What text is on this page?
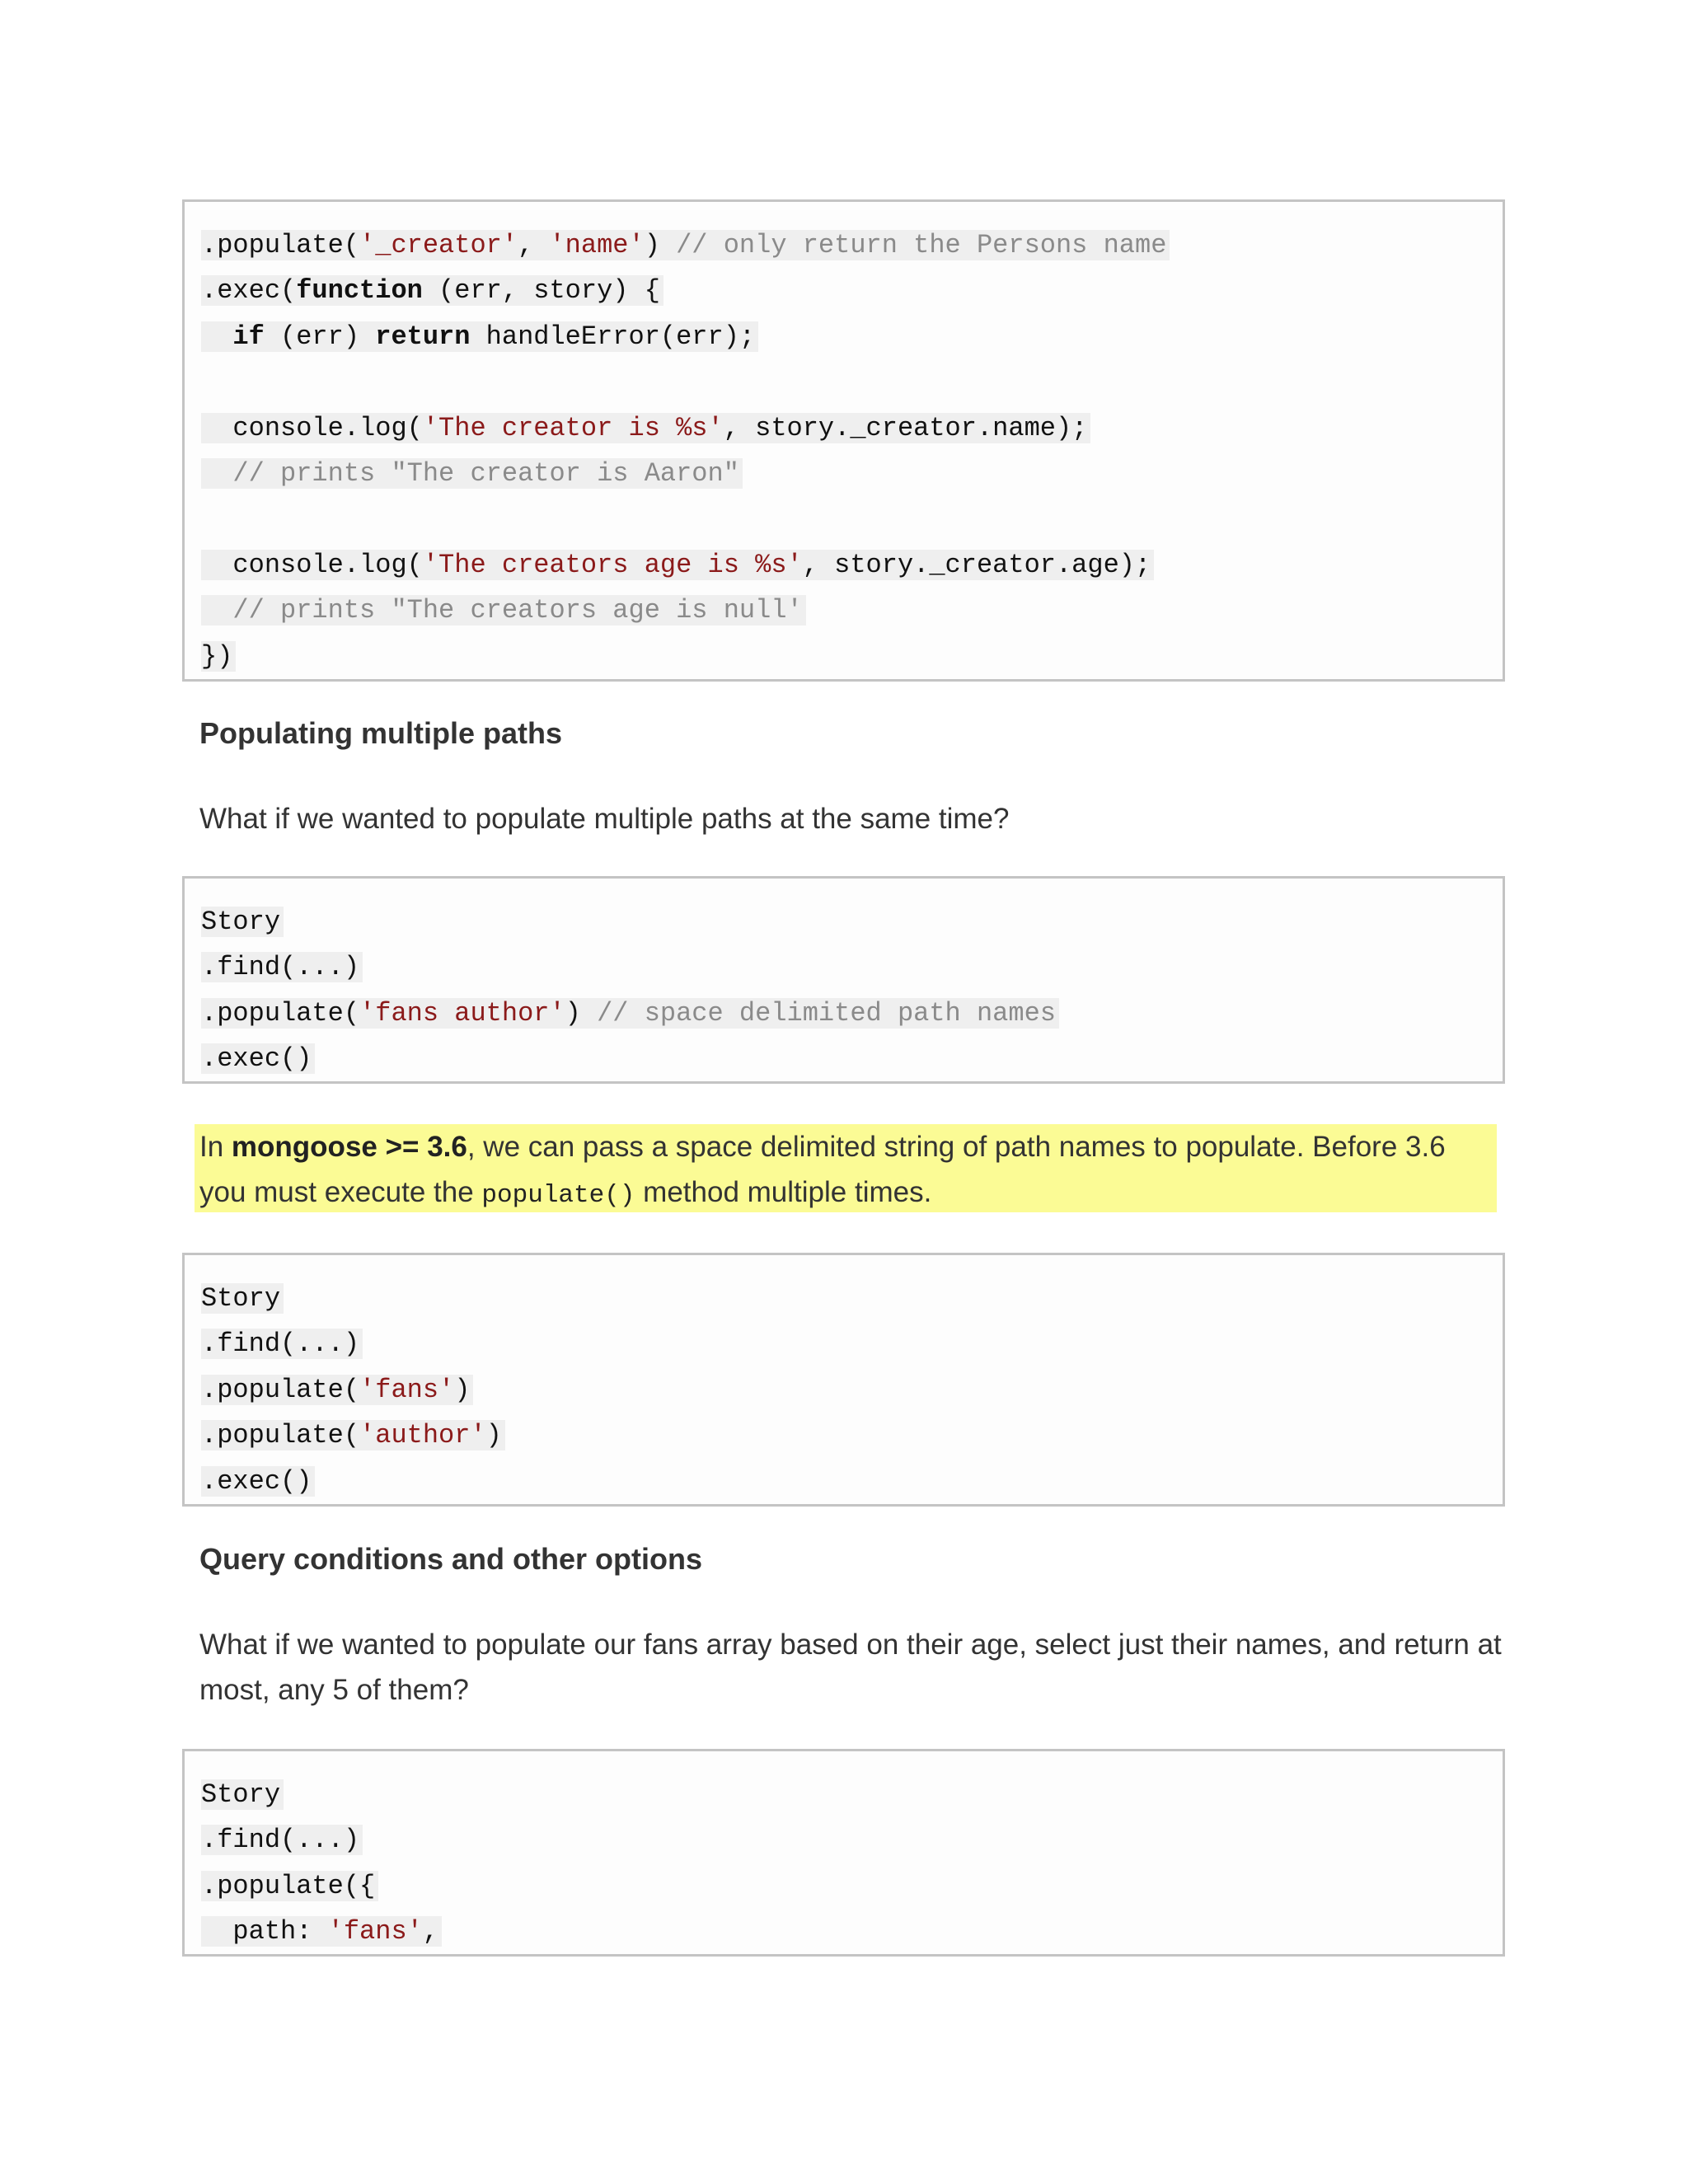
.populate('_creator', 'name') // only return the Persons name
.exec(function (err, story) {
if (err) return handleError(err);

console.log('The creator is %s', story._creator.name);
// prints "The creator is Aaron"

console.log('The creators age is %s', story._creator.age);
// prints "The creators age is null'
})
Populating multiple paths

What if we wanted to populate multiple paths at the same time?

Story
.find(...)
.populate('fans author') // space delimited path names
.exec()
In mongoose >= 3.6, we can pass a space delimited string of path names to populate. Before 3.6 you must execute the populate() method multiple times.
Story
.find(...)
.populate('fans')
.populate('author')
.exec()
Query conditions and other options

What if we wanted to populate our fans array based on their age, select just their names, and return at most, any 5 of them?

Story
.find(...)
.populate({
path: 'fans',
